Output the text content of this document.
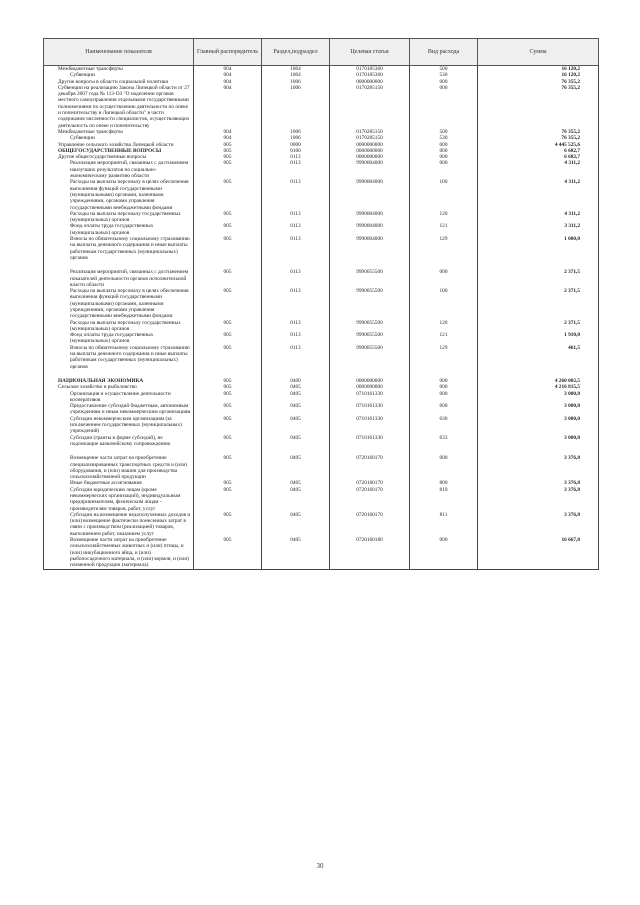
Наименование показателя	Главный распорядитель	Раздел,подраздел	Целевая статья	Вид расхода	Сумма
Межбюджетные трансферты	004	1004	0170185360	500	16 120,2
Субвенции	004	1004	0170185360	530	16 120,2
Другие вопросы в области социальной политики	004	1006	0000000000	000	76 355,2
Субвенции на реализацию Закона Липецкой области от 27 декабря 2007 года № 113-ОЗ "О наделении органов местного самоуправления отдельными государственными полномочиями по осуществлению деятельности по опеке и попечительству в Липецкой области" в части содержания численности специалистов, осуществляющих деятельность по опеке и попечительству	004	1006	0170285150	000	76 355,2
Межбюджетные трансферты	004	1006	0170285150	500	76 355,2
Субвенции	004	1006	0170285150	530	76 355,2
Управление сельского хозяйства Липецкой области	005	0000	0000000000	000	4 445 525,6
ОБЩЕГОСУДАРСТВЕННЫЕ ВОПРОСЫ	005	0100	0000000000	000	6 682,7
Другие общегосударственные вопросы	005	0113	0000000000	000	6 682,7
Реализация мероприятий, связанных с достижением наилучших результатов по социально-экономическому развитию области	005	0113	9990004000	000	4 311,2
Расходы на выплаты персоналу в целях обеспечения выполнения функций государственными (муниципальными) органами, казенными учреждениями, органами управления государственными внебюджетными фондами	005	0113	9990004000	100	4 311,2
Расходы на выплаты персоналу государственных (муниципальных) органов	005	0113	9990004000	120	4 311,2
Фонд оплаты труда государственных (муниципальных) органов	005	0113	9990004000	121	3 311,2
Взносы по обязательному социальному страхованию на выплаты денежного содержания и иные выплаты работникам государственных (муниципальных) органов	005	0113	9990004000	129	1 000,0

Реализация мероприятий, связанных с достижением показателей деятельности органов исполнительной власти области	005	0113	9990055500	000	2 371,5
Расходы на выплаты персоналу в целях обеспечения выполнения функций государственными (муниципальными) органами, казенными учреждениями, органами управления государственными внебюджетными фондами	005	0113	9990055500	100	2 371,5
Расходы на выплаты персоналу государственных (муниципальных) органов	005	0113	9990055500	120	2 371,5
Фонд оплаты труда государственных (муниципальных) органов	005	0113	9990055500	121	1 910,0
Взносы по обязательному социальному страхованию на выплаты денежного содержания и иные выплаты работникам государственных (муниципальных) органов	005	0113	9990055500	129	461,5

НАЦИОНАЛЬНАЯ ЭКОНОМИКА	005	0400	0000000000	000	4 260 002,5
Сельское хозяйство и рыболовство	005	0405	0000000000	000	4 216 815,5
Организация и осуществление деятельности кооперативов	005	0405	0710161330	000	3 000,0
Предоставление субсидий бюджетным, автономным учреждениям и иным некоммерческим организациям	005	0405	0710161330	600	3 000,0
Субсидии некоммерческим организациям (за исключением государственных (муниципальных) учреждений)	005	0405	0710161330	630	3 000,0
Субсидии (гранты в форме субсидий), не подлежащие казначейскому сопровождению	005	0405	0710161330	633	3 000,0

Возмещение части затрат на приобретение специализированных транспортных средств и (или) оборудования, и (или) машин для производства сельскохозяйственной продукции	005	0405	0720160170	000	3 376,8
Иные бюджетные ассигнования	005	0405	0720160170	800	3 376,8
Субсидии юридическим лицам (кроме некоммерческих организаций), индивидуальным предпринимателям, физическим лицам - производителям товаров, работ, услуг	005	0405	0720160170	810	3 376,8
Субсидии на возмещение недополученных доходов и (или) возмещение фактически понесенных затрат в связи с производством (реализацией) товаров, выполнением работ, оказанием услуг	005	0405	0720160170	811	3 376,8
Возмещение части затрат на приобретение сельскохозяйственных животных и (или) птицы, и (или) инкубационного яйца, и (или) рыбопосадочного материала, и (или) кормов, и (или) племенной продукции (материала)	005	0405	0720160180	000	16 667,8
30
